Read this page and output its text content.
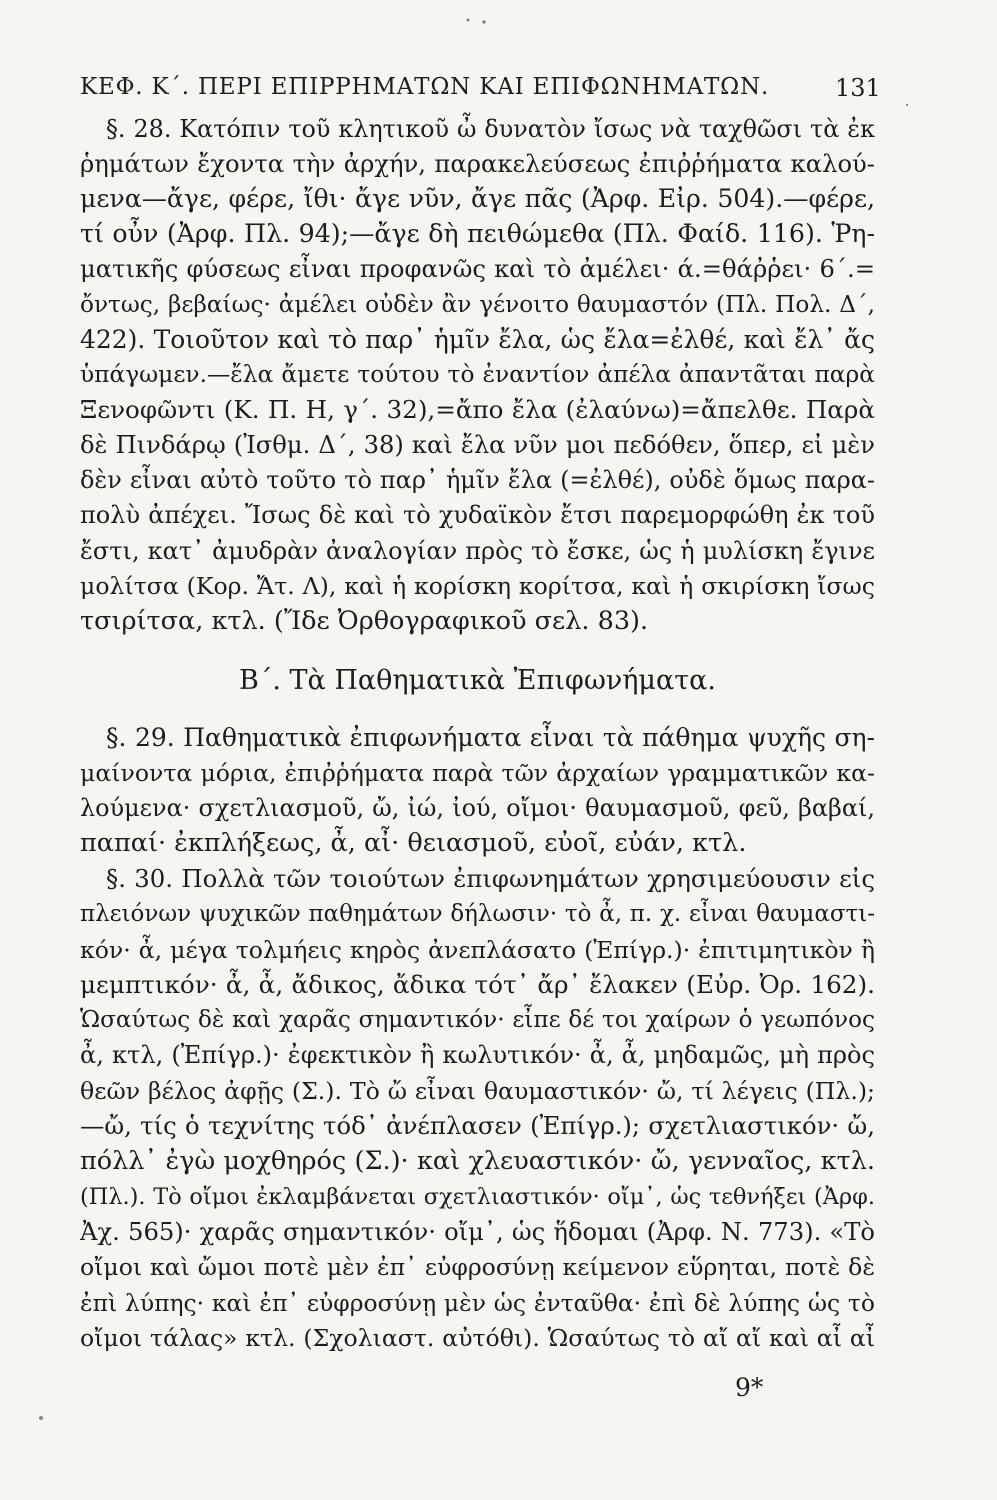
ΚΕΦ. Κ΄. ΠΕΡΙ ΕΠΙΡΡΗΜΑΤΩΝ ΚΑΙ ΕΠΙΦΩΝΗΜΑΤΩΝ.	131
§. 28. Κατόπιν τοῦ κλητικοῦ ὦ δυνατὸν ἴσως νὰ ταχθῶσι τὰ ἐκ
ῥημάτων ἔχοντα τὴν ἀρχήν, παρακελεύσεως ἐπιῤῥήματα καλού-
μενα—ἄγε, φέρε, ἴθι· ἄγε νῦν, ἄγε πᾶς (Ἀρφ. Εἰρ. 504).—φέρε,
τί οὖν (Ἀρφ. Πλ. 94);—ἄγε δὴ πειθώμεθα (Πλ. Φαίδ. 116). Ῥη-
ματικῆς φύσεως εἶναι προφανῶς καὶ τὸ ἀμέλει· ά.=θάῤῥει· 6΄.=
ὄντως, βεβαίως· ἀμέλει οὐδὲν ἂν γένοιτο θαυμαστόν (Πλ. Πολ. Δ΄,
422). Τοιοῦτον καὶ τὸ παρ᾽ ἡμῖν ἔλα, ὡς ἔλα=ἐλθέ, καὶ ἔλ᾽ ἄς
ὑπάγωμεν.—ἔλα ἄμετε τούτου τὸ ἐναντίον ἀπέλα ἀπαντᾶται παρὰ
Ξενοφῶντι (Κ. Π. Η, γ΄. 32),=ἄπο ἔλα (ἐλαύνω)=ἄπελθε. Παρὰ
δὲ Πινδάρῳ (Ἰσθμ. Δ΄, 38) καὶ ἔλα νῦν μοι πεδόθεν, ὅπερ, εἰ μὲν
δὲν εἶναι αὐτὸ τοῦτο τὸ παρ᾽ ἡμῖν ἔλα (=ἐλθέ), οὐδὲ ὅμως παρα-
πολὺ ἀπέχει. Ἴσως δὲ καὶ τὸ χυδαϊκὸν ἔτσι παρεμορφώθη ἐκ τοῦ
ἔστι, κατ᾽ ἀμυδρὰν ἀναλογίαν πρὸς τὸ ἔσκε, ὡς ἡ μυλίσκη ἔγινε
μολίτσα (Κορ. Ἄτ. Λ), καὶ ἡ κορίσκη κορίτσα, καὶ ἡ σκιρίσκη ἴσως
τσιρίτσα, κτλ. (Ἴδε Ὀρθογραφικοῦ σελ. 83).
Β΄. Τὰ Παθηματικὰ Ἐπιφωνήματα.
§. 29. Παθηματικὰ ἐπιφωνήματα εἶναι τὰ πάθημα ψυχῆς ση-
μαίνοντα μόρια, ἐπιῤῥήματα παρὰ τῶν ἀρχαίων γραμματικῶν κα-
λούμενα· σχετλιασμοῦ, ὤ, ἰώ, ἰού, οἴμοι· θαυμασμοῦ, φεῦ, βαβαί,
παπαί· ἐκπλήξεως, ἆ, αἶ· θειασμοῦ, εὐοῖ, εὐάν, κτλ.
§. 30. Πολλὰ τῶν τοιούτων ἐπιφωνημάτων χρησιμεύουσιν εἰς
πλειόνων ψυχικῶν παθημάτων δήλωσιν· τὸ ἆ, π. χ. εἶναι θαυμαστι-
κόν· ἆ, μέγα τολμήεις κηρὸς ἀνεπλάσατο (Ἐπίγρ.)· ἐπιτιμητικὸν ἢ
μεμπτικόν· ἆ, ἆ, ἄδικος, ἄδικα τότ᾽ ἄρ᾽ ἔλακεν (Εὐρ. Ὀρ. 162).
Ὡσαύτως δὲ καὶ χαρᾶς σημαντικόν· εἶπε δέ τοι χαίρων ὁ γεωπόνος
ἆ, κτλ, (Ἐπίγρ.)· ἐφεκτικὸν ἢ κωλυτικόν· ἆ, ἆ, μηδαμῶς, μὴ πρὸς
θεῶν βέλος ἀφῇς (Σ.). Τὸ ὤ εἶναι θαυμαστικόν· ὤ, τί λέγεις (Πλ.);
—ὤ, τίς ὁ τεχνίτης τόδ᾽ ἀνέπλασεν (Ἐπίγρ.); σχετλιαστικόν· ὤ,
πόλλ᾽ ἐγὼ μοχθηρός (Σ.)· καὶ χλευαστικόν· ὤ, γενναῖος, κτλ.
(Πλ.). Τὸ οἴμοι ἐκλαμβάνεται σχετλιαστικόν· οἴμ᾽, ὡς τεθνήξει (Ἀρφ.
Ἀχ. 565)· χαρᾶς σημαντικόν· οἴμ᾽, ὡς ἥδομαι (Ἀρφ. Ν. 773). «Τὸ
οἴμοι καὶ ὤμοι ποτὲ μὲν ἐπ᾽ εὐφροσύνῃ κείμενον εὕρηται, ποτὲ δὲ
ἐπὶ λύπης· καὶ ἐπ᾽ εὐφροσύνῃ μὲν ὡς ἐνταῦθα· ἐπὶ δὲ λύπης ὡς τὸ
οἴμοι τάλας» κτλ. (Σχολιαστ. αὐτόθι). Ὡσαύτως τὸ αἴ αἴ καὶ αἶ αἶ
9*
